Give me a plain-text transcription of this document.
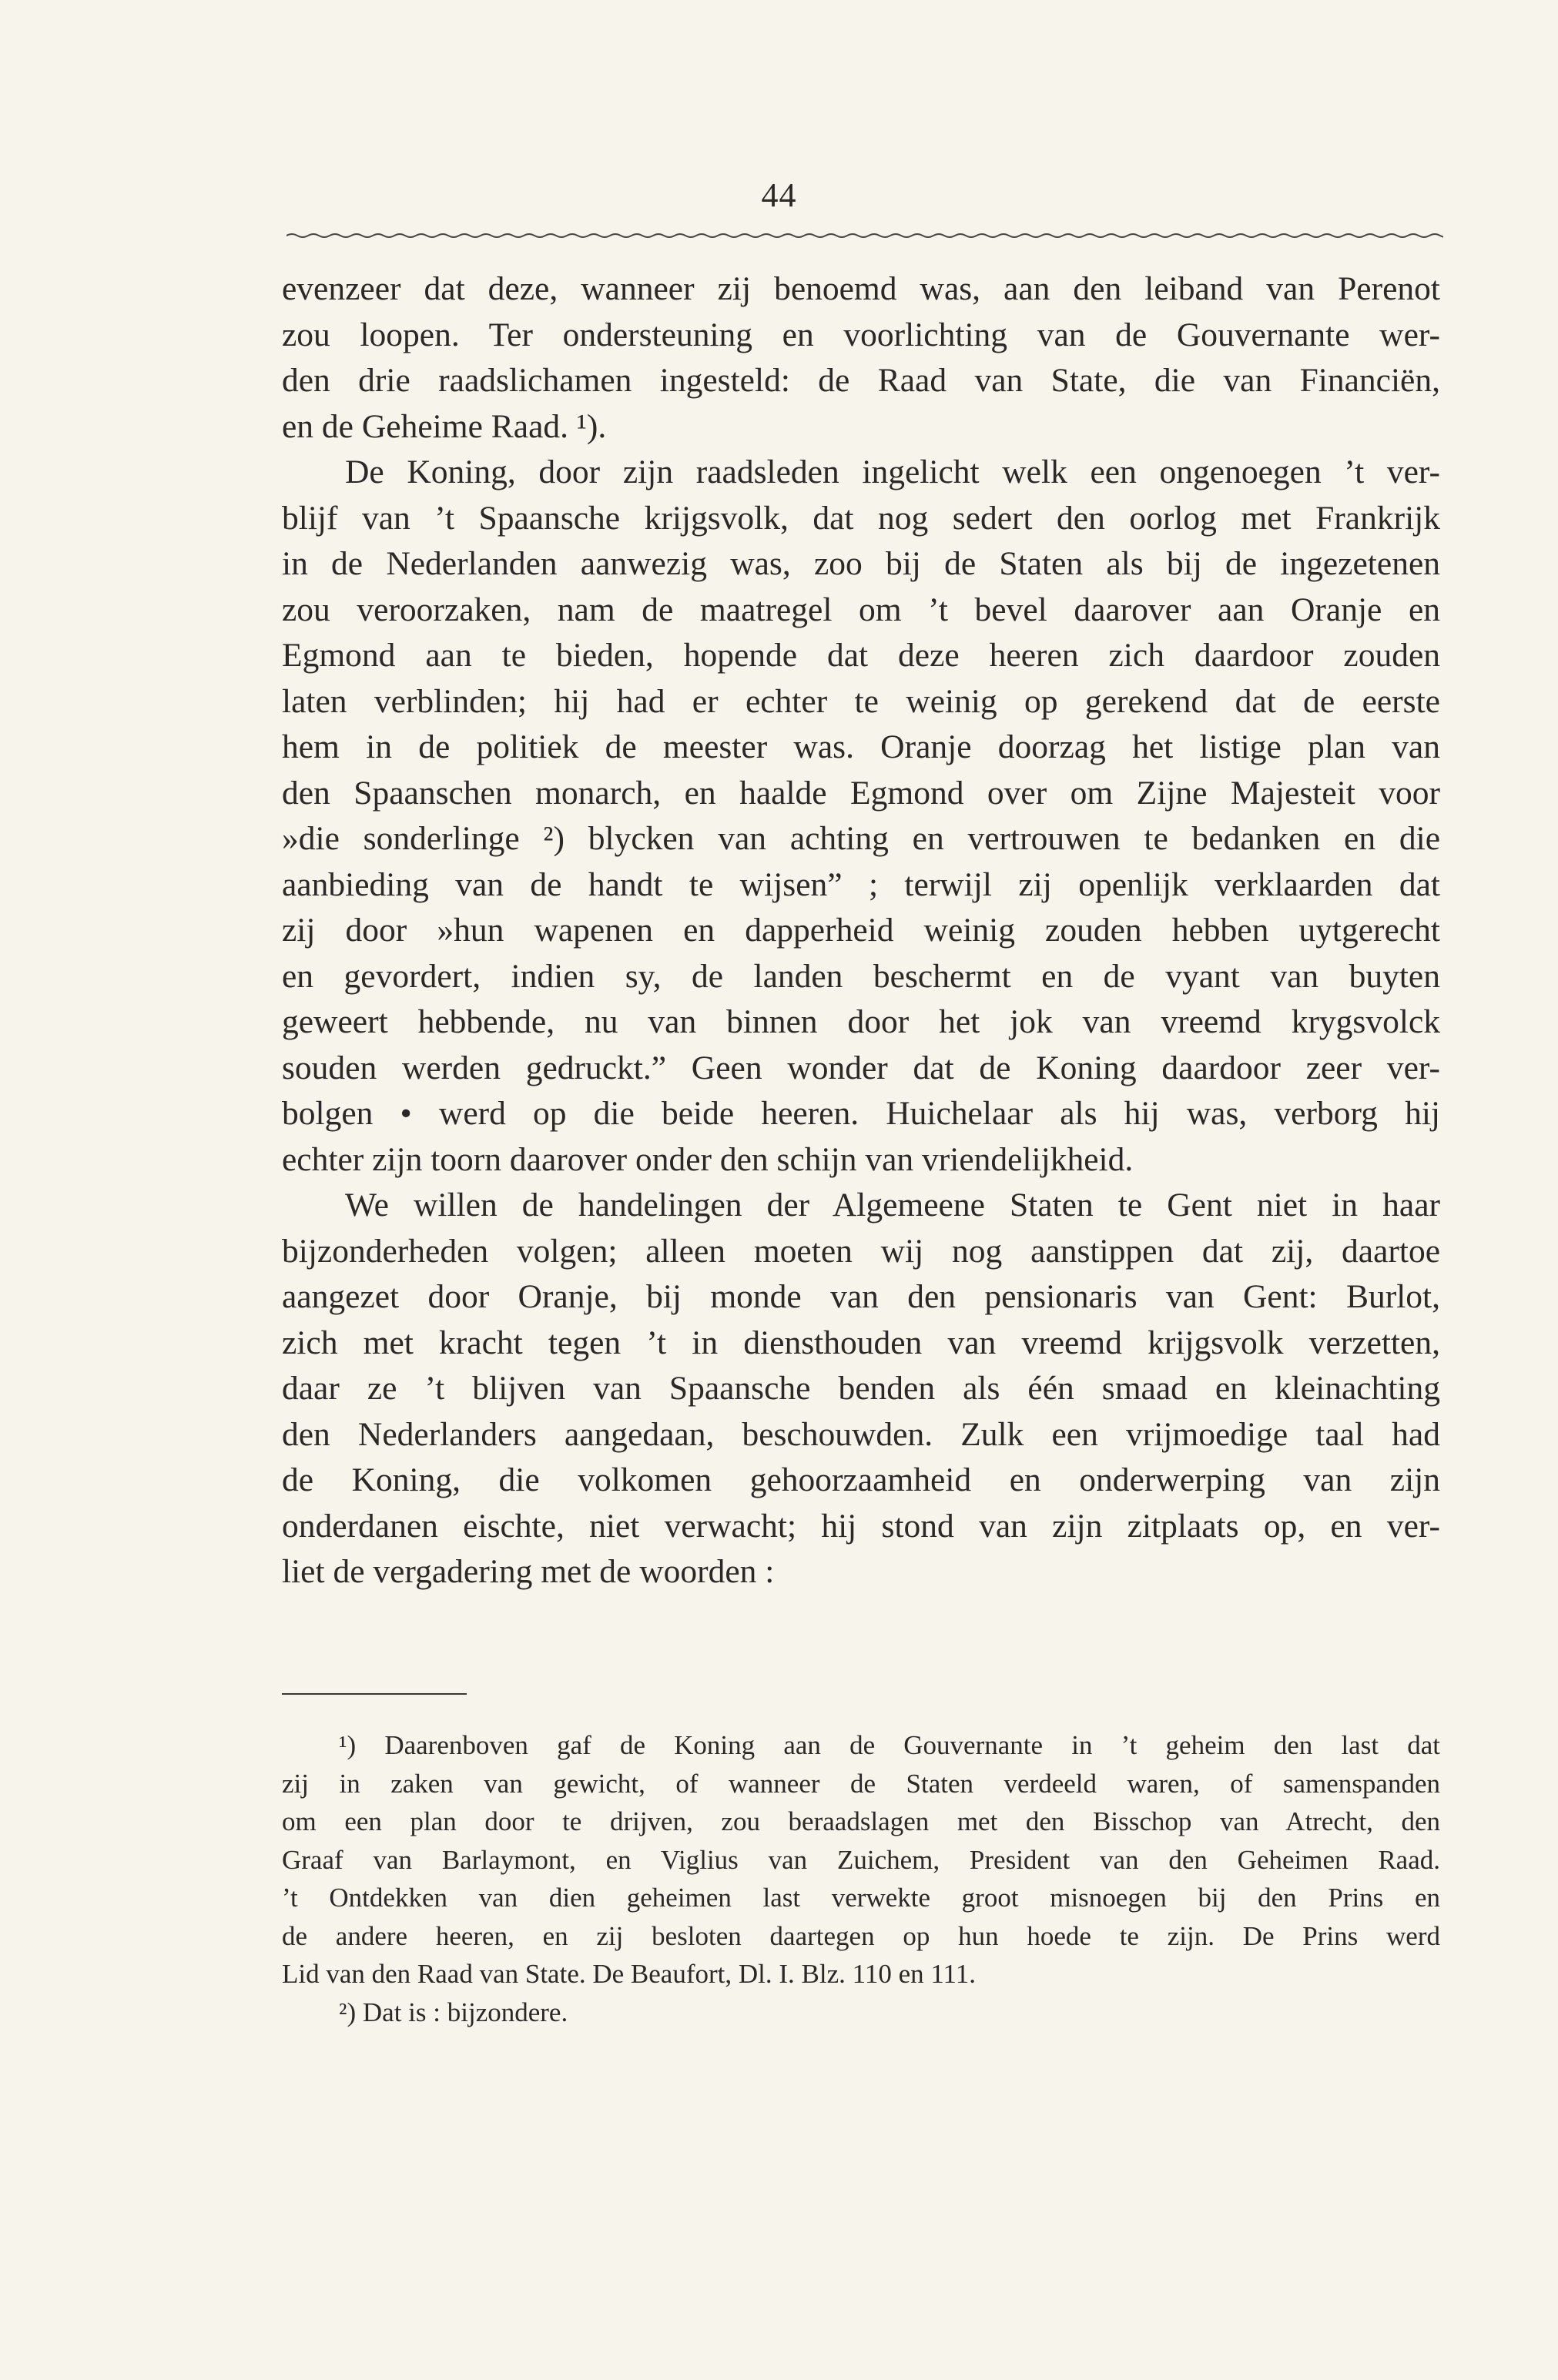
44
evenzeer dat deze, wanneer zij benoemd was, aan den leiband van Perenot
zou loopen. Ter ondersteuning en voorlichting van de Gouvernante wer-
den drie raadslichamen ingesteld: de Raad van State, die van Financiën,
en de Geheime Raad. ¹).
De Koning, door zijn raadsleden ingelicht welk een ongenoegen ’t ver-
blijf van ’t Spaansche krijgsvolk, dat nog sedert den oorlog met Frankrijk
in de Nederlanden aanwezig was, zoo bij de Staten als bij de ingezetenen
zou veroorzaken, nam de maatregel om ’t bevel daarover aan Oranje en
Egmond aan te bieden, hopende dat deze heeren zich daardoor zouden
laten verblinden; hij had er echter te weinig op gerekend dat de eerste
hem in de politiek de meester was. Oranje doorzag het listige plan van
den Spaanschen monarch, en haalde Egmond over om Zijne Majesteit voor
»die sonderlinge ²) blycken van achting en vertrouwen te bedanken en die
aanbieding van de handt te wijsen” ; terwijl zij openlijk verklaarden dat
zij door »hun wapenen en dapperheid weinig zouden hebben uytgerecht
en gevordert, indien sy, de landen beschermt en de vyant van buyten
geweert hebbende, nu van binnen door het jok van vreemd krygsvolck
souden werden gedruckt.” Geen wonder dat de Koning daardoor zeer ver-
bolgen • werd op die beide heeren. Huichelaar als hij was, verborg hij
echter zijn toorn daarover onder den schijn van vriendelijkheid.
We willen de handelingen der Algemeene Staten te Gent niet in haar
bijzonderheden volgen; alleen moeten wij nog aanstippen dat zij, daartoe
aangezet door Oranje, bij monde van den pensionaris van Gent: Burlot,
zich met kracht tegen ’t in diensthouden van vreemd krijgsvolk verzetten,
daar ze ’t blijven van Spaansche benden als één smaad en kleinachting
den Nederlanders aangedaan, beschouwden. Zulk een vrijmoedige taal had
de Koning, die volkomen gehoorzaamheid en onderwerping van zijn
onderdanen eischte, niet verwacht; hij stond van zijn zitplaats op, en ver-
liet de vergadering met de woorden :
¹) Daarenboven gaf de Koning aan de Gouvernante in ’t geheim den last dat
zij in zaken van gewicht, of wanneer de Staten verdeeld waren, of samenspanden
om een plan door te drijven, zou beraadslagen met den Bisschop van Atrecht, den
Graaf van Barlaymont, en Viglius van Zuichem, President van den Geheimen Raad.
’t Ontdekken van dien geheimen last verwekte groot misnoegen bij den Prins en
de andere heeren, en zij besloten daartegen op hun hoede te zijn. De Prins werd
Lid van den Raad van State. De Beaufort, Dl. I. Blz. 110 en 111.
²) Dat is : bijzondere.
